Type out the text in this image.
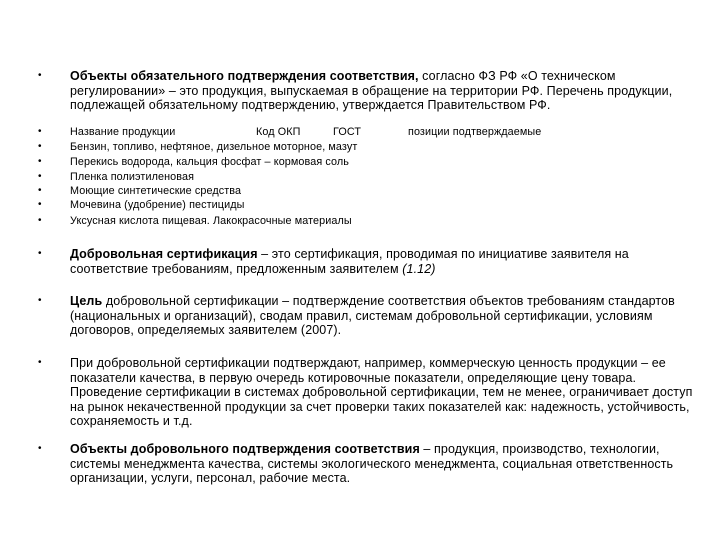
•	Объекты обязательного подтверждения соответствия, согласно ФЗ РФ «О техническом регулировании» – это продукция, выпускаемая в обращение на территории РФ. Перечень продукции, подлежащей обязательному подтверждению, утверждается Правительством РФ.
•	Название продукции	Код ОКП	ГОСТ	позиции подтверждаемые
•	Бензин, топливо, нефтяное, дизельное моторное, мазут
•	Перекись водорода, кальция фосфат – кормовая соль
•	Пленка полиэтиленовая
•	Моющие синтетические средства
•	Мочевина (удобрение) пестициды
•	Уксусная кислота пищевая. Лакокрасочные материалы
•	Добровольная сертификация – это сертификация, проводимая по инициативе заявителя на соответствие требованиям, предложенным заявителем (1.12)
•	Цель добровольной сертификации – подтверждение соответствия объектов требованиям стандартов (национальных и организаций), сводам правил, системам добровольной сертификации, условиям договоров, определяемых заявителем (2007).
•	При добровольной сертификации подтверждают, например, коммерческую ценность продукции – ее показатели качества, в первую очередь котировочные показатели, определяющие цену товара. Проведение сертификации в системах добровольной сертификации, тем не менее, ограничивает доступ на рынок некачественной продукции за счет проверки таких показателей как: надежность, устойчивость, сохраняемость и т.д.
•	Объекты добровольного подтверждения соответствия – продукция, производство, технологии, системы менеджмента качества, системы экологического менеджмента, социальная ответственность организации, услуги, персонал, рабочие места.
